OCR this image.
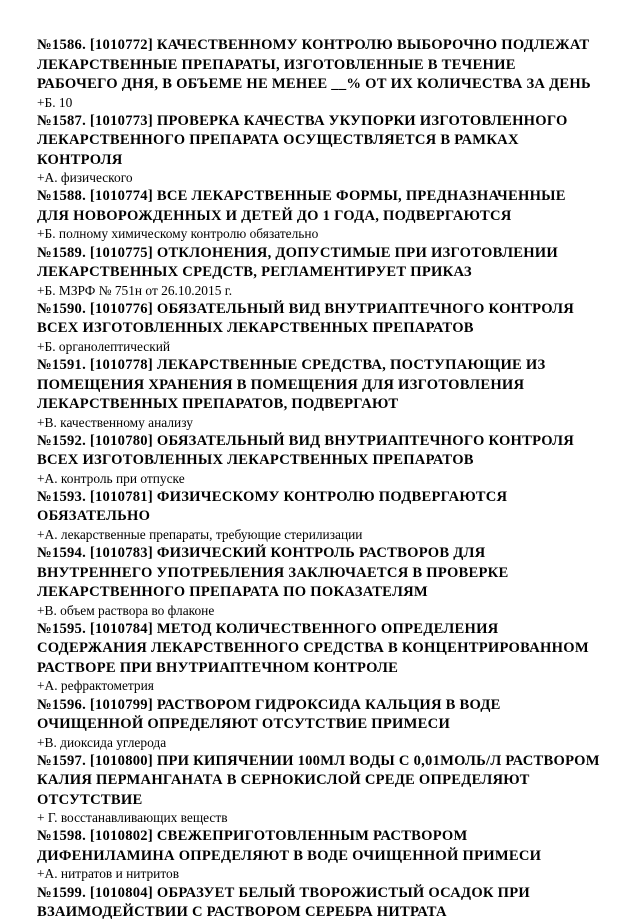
№1586. [1010772] КАЧЕСТВЕННОМУ КОНТРОЛЮ ВЫБОРОЧНО ПОДЛЕЖАТ ЛЕКАРСТВЕННЫЕ ПРЕПАРАТЫ, ИЗГОТОВЛЕННЫЕ В ТЕЧЕНИЕ РАБОЧЕГО ДНЯ, В ОБЪЕМЕ НЕ МЕНЕЕ __% ОТ ИХ КОЛИЧЕСТВА ЗА ДЕНЬ

+Б. 10

№1587. [1010773] ПРОВЕРКА КАЧЕСТВА УКУПОРКИ ИЗГОТОВЛЕННОГО ЛЕКАРСТВЕННОГО ПРЕПАРАТА ОСУЩЕСТВЛЯЕТСЯ В РАМКАХ КОНТРОЛЯ

+А. физического

№1588. [1010774] ВСЕ ЛЕКАРСТВЕННЫЕ ФОРМЫ, ПРЕДНАЗНАЧЕННЫЕ ДЛЯ НОВОРОЖДЕННЫХ И ДЕТЕЙ ДО 1 ГОДА, ПОДВЕРГАЮТСЯ

+Б. полному химическому контролю обязательно

№1589. [1010775] ОТКЛОНЕНИЯ, ДОПУСТИМЫЕ ПРИ ИЗГОТОВЛЕНИИ ЛЕКАРСТВЕННЫХ СРЕДСТВ, РЕГЛАМЕНТИРУЕТ ПРИКАЗ

+Б. МЗРФ № 751н от 26.10.2015 г.

№1590. [1010776] ОБЯЗАТЕЛЬНЫЙ ВИД ВНУТРИАПТЕЧНОГО КОНТРОЛЯ ВСЕХ ИЗГОТОВЛЕННЫХ ЛЕКАРСТВЕННЫХ ПРЕПАРАТОВ

+Б. органолептический

№1591. [1010778] ЛЕКАРСТВЕННЫЕ СРЕДСТВА, ПОСТУПАЮЩИЕ ИЗ ПОМЕЩЕНИЯ ХРАНЕНИЯ В ПОМЕЩЕНИЯ ДЛЯ ИЗГОТОВЛЕНИЯ ЛЕКАРСТВЕННЫХ ПРЕПАРАТОВ, ПОДВЕРГАЮТ

+В. качественному анализу

№1592. [1010780] ОБЯЗАТЕЛЬНЫЙ ВИД ВНУТРИАПТЕЧНОГО КОНТРОЛЯ ВСЕХ ИЗГОТОВЛЕННЫХ ЛЕКАРСТВЕННЫХ ПРЕПАРАТОВ

+А. контроль при отпуске

№1593. [1010781] ФИЗИЧЕСКОМУ КОНТРОЛЮ ПОДВЕРГАЮТСЯ ОБЯЗАТЕЛЬНО

+А. лекарственные препараты, требующие стерилизации

№1594. [1010783] ФИЗИЧЕСКИЙ КОНТРОЛЬ РАСТВОРОВ ДЛЯ ВНУТРЕННЕГО УПОТРЕБЛЕНИЯ ЗАКЛЮЧАЕТСЯ В ПРОВЕРКЕ ЛЕКАРСТВЕННОГО ПРЕПАРАТА ПО ПОКАЗАТЕЛЯМ

+В. объем раствора во флаконе

№1595. [1010784] МЕТОД КОЛИЧЕСТВЕННОГО ОПРЕДЕЛЕНИЯ СОДЕРЖАНИЯ ЛЕКАРСТВЕННОГО СРЕДСТВА В КОНЦЕНТРИРОВАННОМ РАСТВОРЕ ПРИ ВНУТРИАПТЕЧНОМ КОНТРОЛЕ

+А. рефрактометрия

№1596. [1010799] РАСТВОРОМ ГИДРОКСИДА КАЛЬЦИЯ В ВОДЕ ОЧИЩЕННОЙ ОПРЕДЕЛЯЮТ ОТСУТСТВИЕ ПРИМЕСИ

+В. диоксида углерода

№1597. [1010800] ПРИ КИПЯЧЕНИИ 100МЛ ВОДЫ С 0,01МОЛЬ/Л РАСТВОРОМ КАЛИЯ ПЕРМАНГАНАТА В СЕРНОКИСЛОЙ СРЕДЕ ОПРЕДЕЛЯЮТ ОТСУТСТВИЕ

+ Г. восстанавливающих веществ

№1598. [1010802] СВЕЖЕПРИГОТОВЛЕННЫМ РАСТВОРОМ ДИФЕНИЛАМИНА ОПРЕДЕЛЯЮТ В ВОДЕ ОЧИЩЕННОЙ ПРИМЕСИ

+А. нитратов и нитритов

№1599. [1010804] ОБРАЗУЕТ БЕЛЫЙ ТВОРОЖИСТЫЙ ОСАДОК ПРИ ВЗАИМОДЕЙСТВИИ С РАСТВОРОМ СЕРЕБРА НИТРАТА
